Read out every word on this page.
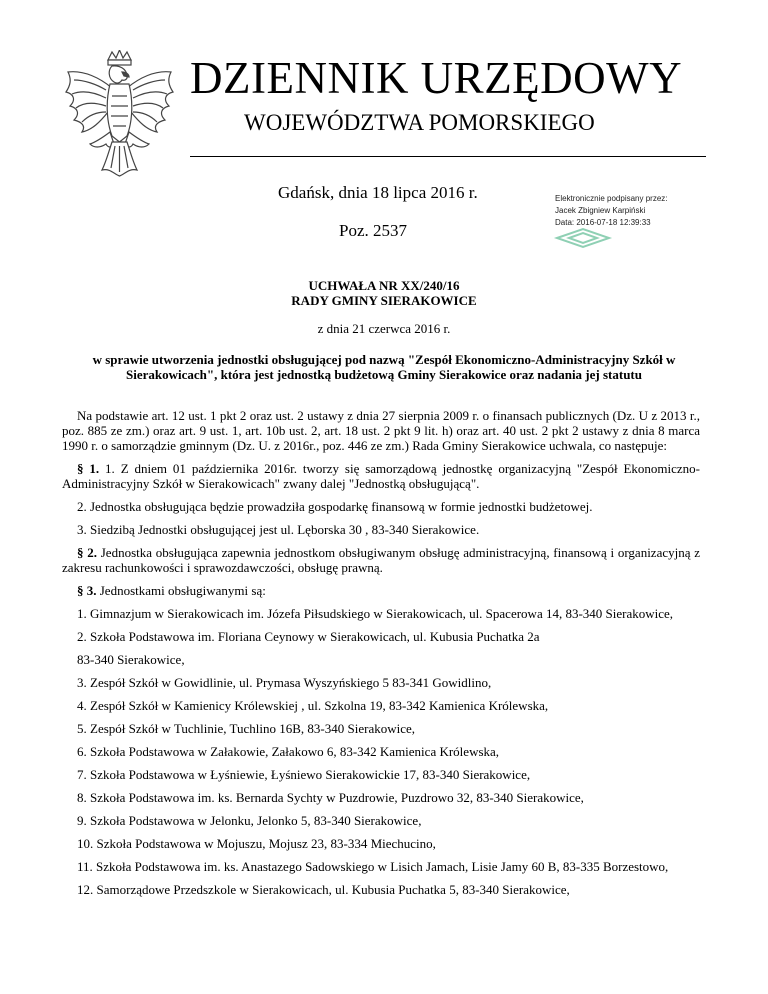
DZIENNIK URZĘDOWY
WOJEWÓDZTWA POMORSKIEGO
Gdańsk, dnia 18 lipca 2016 r.
Poz. 2537
Elektronicznie podpisany przez:
Jacek Zbigniew Karpiński
Data: 2016-07-18 12:39:33
UCHWAŁA NR XX/240/16
RADY GMINY SIERAKOWICE
z dnia 21 czerwca 2016 r.
w sprawie utworzenia jednostki obsługującej pod nazwą "Zespół Ekonomiczno-Administracyjny Szkół w Sierakowicach", która jest jednostką budżetową Gminy Sierakowice oraz nadania jej statutu

Na podstawie art. 12 ust. 1 pkt 2 oraz ust. 2 ustawy z dnia 27 sierpnia 2009 r. o finansach publicznych (Dz. U z 2013 r., poz. 885 ze zm.) oraz art. 9 ust. 1, art. 10b ust. 2, art. 18 ust. 2 pkt 9 lit. h) oraz art. 40 ust. 2 pkt 2 ustawy z dnia 8 marca 1990 r. o samorządzie gminnym (Dz. U. z 2016r., poz. 446 ze zm.) Rada Gminy Sierakowice uchwala, co następuje:

§ 1. 1. Z dniem 01 października 2016r. tworzy się samorządową jednostkę organizacyjną "Zespół Ekonomiczno-Administracyjny Szkół w Sierakowicach" zwany dalej "Jednostką obsługującą".

2. Jednostka obsługująca będzie prowadziła gospodarkę finansową w formie jednostki budżetowej.

3. Siedzibą Jednostki obsługującej jest ul. Lęborska 30 , 83-340 Sierakowice.

§ 2. Jednostka obsługująca zapewnia jednostkom obsługiwanym obsługę administracyjną, finansową i organizacyjną z zakresu rachunkowości i sprawozdawczości, obsługę prawną.

§ 3. Jednostkami obsługiwanymi są:

1. Gimnazjum w Sierakowicach im. Józefa Piłsudskiego w Sierakowicach, ul. Spacerowa 14, 83-340 Sierakowice,

2. Szkoła Podstawowa im. Floriana Ceynowy w Sierakowicach, ul. Kubusia Puchatka 2a

83-340 Sierakowice,

3. Zespół Szkół w Gowidlinie, ul. Prymasa Wyszyńskiego 5 83-341 Gowidlino,

4. Zespół Szkół w Kamienicy Królewskiej , ul. Szkolna 19, 83-342 Kamienica Królewska,

5. Zespół Szkół w Tuchlinie, Tuchlino 16B, 83-340 Sierakowice,

6. Szkoła Podstawowa w Załakowie, Załakowo 6, 83-342 Kamienica Królewska,

7. Szkoła Podstawowa w Łyśniewie, Łyśniewo Sierakowickie 17, 83-340 Sierakowice,

8. Szkoła Podstawowa im. ks. Bernarda Sychty w Puzdrowie, Puzdrowo 32, 83-340 Sierakowice,

9. Szkoła Podstawowa w Jelonku, Jelonko 5, 83-340 Sierakowice,

10. Szkoła Podstawowa w Mojuszu, Mojusz 23, 83-334 Miechucino,

11. Szkoła Podstawowa im. ks. Anastazego Sadowskiego w Lisich Jamach, Lisie Jamy 60 B, 83-335 Borzestowo,

12. Samorządowe Przedszkole w Sierakowicach, ul. Kubusia Puchatka 5, 83-340 Sierakowice,
